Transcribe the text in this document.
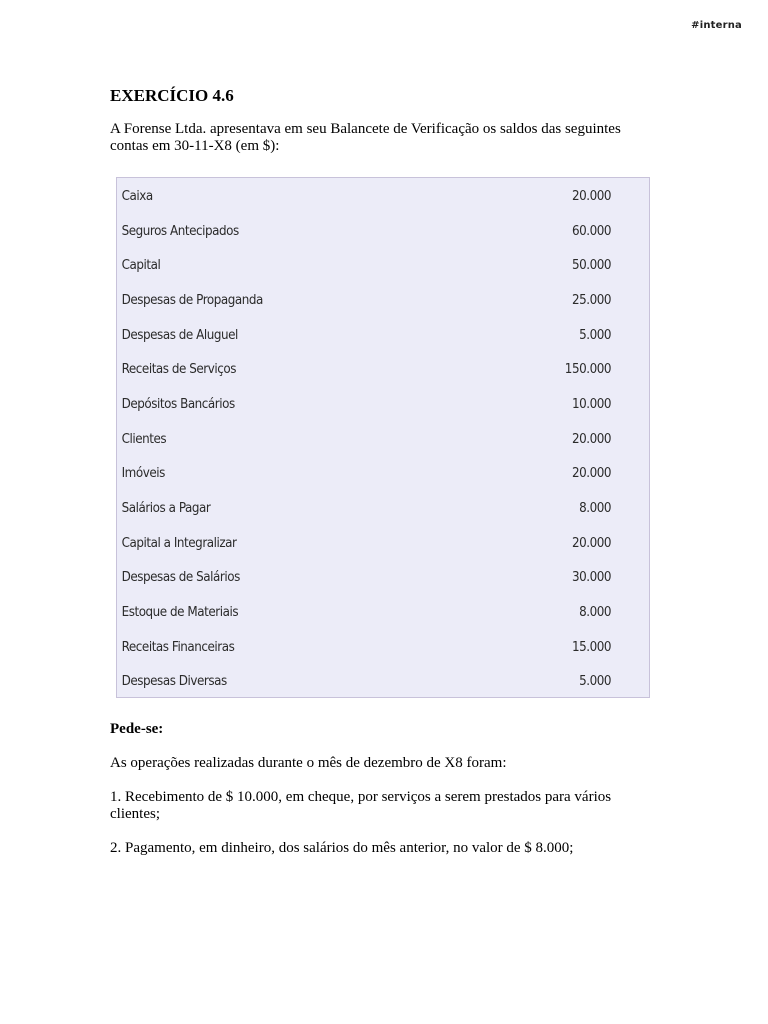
#interna
EXERCÍCIO 4.6

A Forense Ltda. apresentava em seu Balancete de Verificação os saldos das seguintes contas em 30-11-X8 (em $):

Caixa	20.000
Seguros Antecipados	60.000
Capital	50.000
Despesas de Propaganda	25.000
Despesas de Aluguel	5.000
Receitas de Serviços	150.000
Depósitos Bancários	10.000
Clientes	20.000
Imóveis	20.000
Salários a Pagar	8.000
Capital a Integralizar	20.000
Despesas de Salários	30.000
Estoque de Materiais	8.000
Receitas Financeiras	15.000
Despesas Diversas	5.000

Pede-se:

As operações realizadas durante o mês de dezembro de X8 foram:

1. Recebimento de $ 10.000, em cheque, por serviços a serem prestados para vários clientes;

2. Pagamento, em dinheiro, dos salários do mês anterior, no valor de $ 8.000;
